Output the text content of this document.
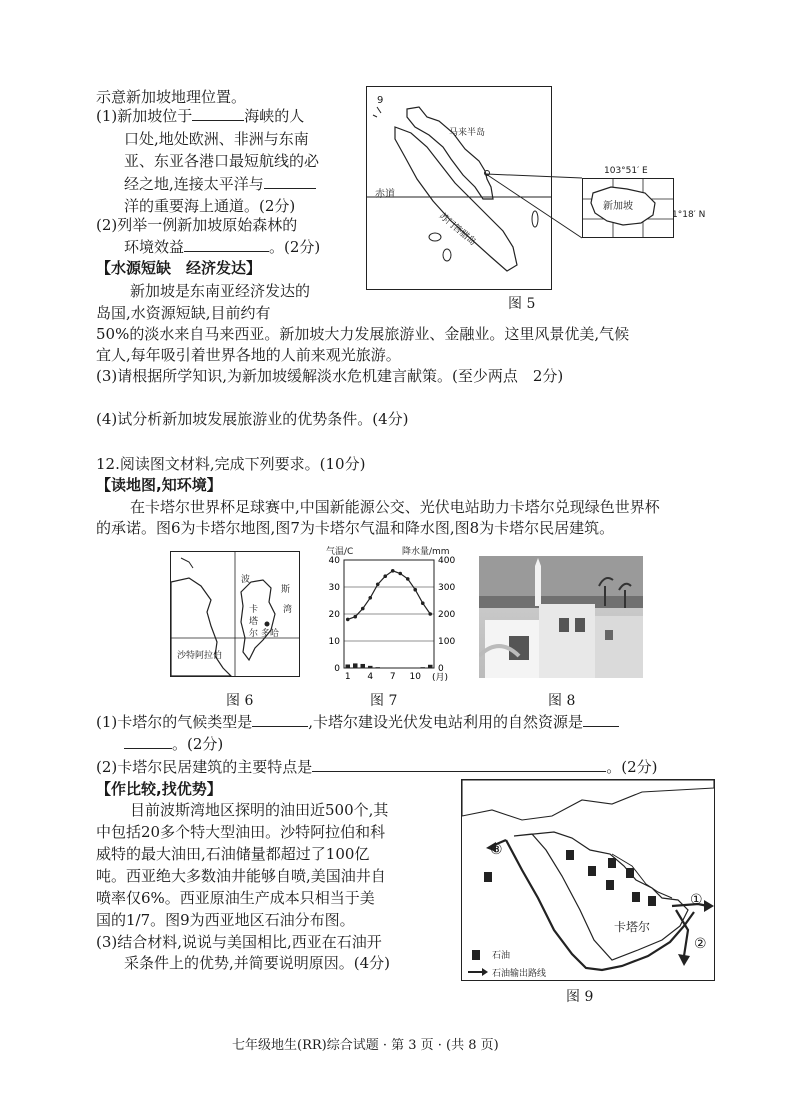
示意新加坡地理位置。
(1)新加坡位于	海峡的人
口处,地处欧洲、非洲与东南
亚、东亚各港口最短航线的必
经之地,连接太平洋与
洋的重要海上通道。(2分)
(2)列举一例新加坡原始森林的
环境效益	。(2分)
【水源短缺　经济发达】
新加坡是东南亚经济发达的
岛国,水资源短缺,目前约有
50%的淡水来自马来西亚。新加坡大力发展旅游业、金融业。这里风景优美,气候
宜人,每年吸引着世界各地的人前来观光旅游。
(3)请根据所学知识,为新加坡缓解淡水危机建言献策。(至少两点　2分)
(4)试分析新加坡发展旅游业的优势条件。(4分)
9
马来半岛
赤道
苏门答腊岛
新加坡
103°51′ E
1°18′ N
图 5
12.阅读图文材料,完成下列要求。(10分)
【读地图,知环境】
在卡塔尔世界杯足球赛中,中国新能源公交、光伏电站助力卡塔尔兑现绿色世界杯
的承诺。图6为卡塔尔地图,图7为卡塔尔气温和降水图,图8为卡塔尔民居建筑。
波
斯
湾
卡
塔
尔 多哈
沙特阿拉伯
图 6
气温/C	降水量/mm
0
10
20
30
40
0
100
200
300
400
1 4 7 10 (月)
图 7	图 8
(1)卡塔尔的气候类型是	,卡塔尔建设光伏发电站利用的自然资源是
。(2分)
(2)卡塔尔民居建筑的主要特点是	。(2分)
【作比较,找优势】
目前波斯湾地区探明的油田近500个,其
中包括20多个特大型油田。沙特阿拉伯和科
威特的最大油田,石油储量都超过了100亿
吨。西亚绝大多数油井能够自喷,美国油井自
喷率仅6%。西亚原油生产成本只相当于美
国的1/7。图9为西亚地区石油分布图。
(3)结合材料,说说与美国相比,西亚在石油开
采条件上的优势,并简要说明原因。(4分)	石油
石油输出路线
卡塔尔
③
①
②
图 9
七年级地生(RR)综合试题 · 第 3 页 · (共 8 页)
